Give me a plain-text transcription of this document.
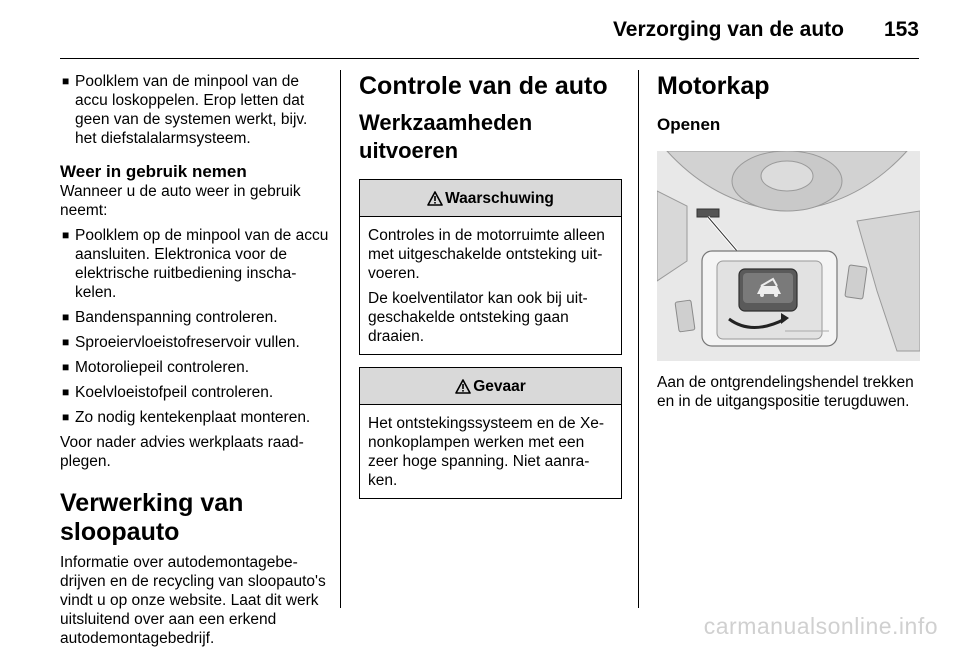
Verzorging van de auto 153
■ Poolklem van de minpool van de accu loskoppelen. Erop letten dat geen van de systemen werkt, bijv. het diefstalalarmsysteem.
Weer in gebruik nemen
Wanneer u de auto weer in gebruik neemt:
■ Poolklem op de minpool van de accu aansluiten. Elektronica voor de elektrische ruitbediening inschakelen.
■ Bandenspanning controleren.
■ Sproeiervloeistofreservoir vullen.
■ Motoroliepeil controleren.
■ Koelvloeistofpeil controleren.
■ Zo nodig kentekenplaat monteren.
Voor nader advies werkplaats raadplegen.
Verwerking van sloopauto
Informatie over autodemontagebedrijven en de recycling van sloopauto's vindt u op onze website. Laat dit werk uitsluitend over aan een erkend autodemontagebedrijf.
Controle van de auto
Werkzaamheden uitvoeren
Waarschuwing
Controles in de motorruimte alleen met uitgeschakelde ontsteking uitvoeren.
De koelventilator kan ook bij uitgeschakelde ontsteking gaan draaien.
Gevaar
Het ontstekingssysteem en de Xenonkoplampen werken met een zeer hoge spanning. Niet aanraken.
Motorkap
Openen
Aan de ontgrendelingshendel trekken en in de uitgangspositie terugduwen.
carmanualsonline.info
